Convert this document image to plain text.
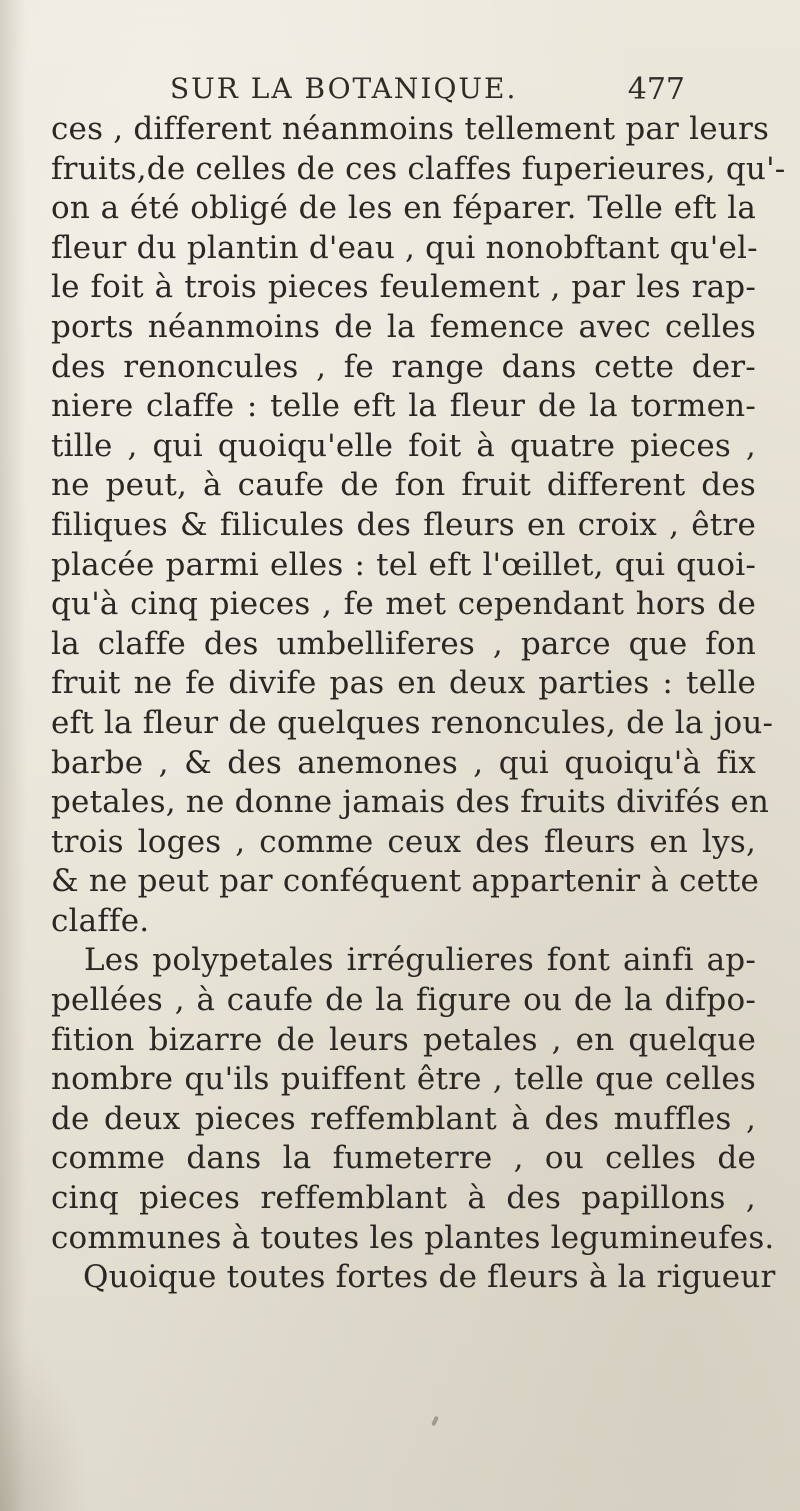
SUR LA BOTANIQUE.	477
ces , different néanmoins tellement par leurs
fruits,de celles de ces claffes fuperieures, qu'-
on a été obligé de les en féparer. Telle eft la
fleur du plantin d'eau , qui nonobftant qu'el-
le foit à trois pieces feulement , par les rap-
ports néanmoins de la femence avec celles
des renoncules , fe range dans cette der-
niere claffe : telle eft la fleur de la tormen-
tille , qui quoiqu'elle foit à quatre pieces ,
ne peut, à caufe de fon fruit different des
filiques & filicules des fleurs en croix , être
placée parmi elles : tel eft l'œillet, qui quoi-
qu'à cinq pieces , fe met cependant hors de
la claffe des umbelliferes , parce que fon
fruit ne fe divife pas en deux parties : telle
eft la fleur de quelques renoncules, de la jou-
barbe , & des anemones , qui quoiqu'à fix
petales, ne donne jamais des fruits divifés en
trois loges , comme ceux des fleurs en lys,
& ne peut par conféquent appartenir à cette
claffe.
Les polypetales irrégulieres font ainfi ap-
pellées , à caufe de la figure ou de la difpo-
fition bizarre de leurs petales , en quelque
nombre qu'ils puiffent être , telle que celles
de deux pieces reffemblant à des muffles ,
comme dans la fumeterre , ou celles de
cinq pieces reffemblant à des papillons ,
communes à toutes les plantes legumineufes.
Quoique toutes fortes de fleurs à la rigueur
